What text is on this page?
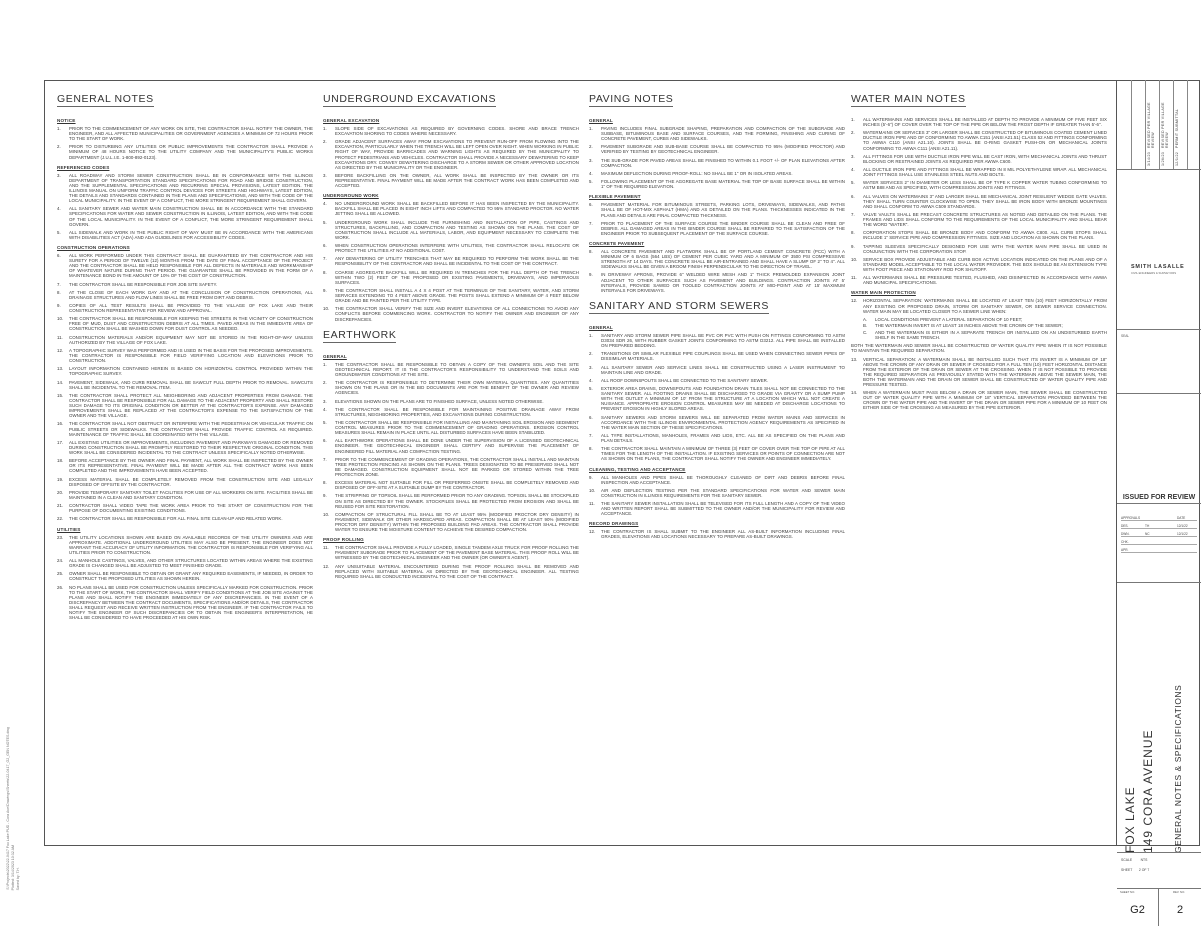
GENERAL NOTES
NOTICE
1.	PRIOR TO THE COMMENCEMENT OF ANY WORK ON SITE, THE CONTRACTOR SHALL NOTIFY THE OWNER, THE ENGINEER, AND ALL AFFECTED MUNICIPALITIES OR GOVERNMENT AGENCIES A MINIMUM OF 72 HOURS PRIOR TO THE START OF WORK.
2.	PRIOR TO DISTURBING ANY UTILITIES OR PUBLIC IMPROVEMENTS THE CONTRACTOR SHALL PROVIDE A MINIMUM OF 48 HOURS NOTICE TO THE UTILITY COMPANY AND THE MUNICIPALITY'S PUBLIC WORKS DEPARTMENT (J.U.L.I.E. 1-800-892-0123).
REFERENCED CODES
3.	ALL ROADWAY AND STORM SEWER CONSTRUCTION SHALL BE IN CONFORMANCE WITH THE ILLINOIS DEPARTMENT OF TRANSPORTATION STANDARD SPECIFICATIONS FOR ROAD AND BRIDGE CONSTRUCTION, AND THE SUPPLEMENTAL SPECIFICATIONS AND RECURRING SPECIAL PROVISIONS, LATEST EDITION. THE ILLINOIS MANUAL ON UNIFORM TRAFFIC CONTROL DEVICES FOR STREETS AND HIGHWAYS, LATEST EDITION, THE DETAILS AND STANDARDS CONTAINED IN THE PLANS AND SPECIFICATIONS, AND WITH THE CODE OF THE LOCAL MUNICIPALITY. IN THE EVENT OF A CONFLICT, THE MORE STRINGENT REQUIREMENT SHALL GOVERN.
4.	ALL SANITARY SEWER AND WATER MAIN CONSTRUCTION SHALL BE IN ACCORDANCE WITH THE STANDARD SPECIFICATIONS FOR WATER AND SEWER CONSTRUCTION IN ILLINOIS, LATEST EDITION, AND WITH THE CODE OF THE LOCAL MUNICIPALITY. IN THE EVENT OF A CONFLICT, THE MORE STRINGENT REQUIREMENT SHALL GOVERN.
5.	ALL SIDEWALK AND WORK IN THE PUBLIC RIGHT OF WAY MUST BE IN ACCORDANCE WITH THE AMERICANS WITH DISABILITIES ACT (ADA) AND ADA GUIDELINES FOR ACCESSIBILITY CODES.
CONSTRUCTION OPERATIONS
6.	ALL WORK PERFORMED UNDER THIS CONTRACT SHALL BE GUARANTEED BY THE CONTRACTOR AND HIS SURETY FOR A PERIOD OF TWELVE (12) MONTHS FROM THE DATE OF FINAL ACCEPTANCE OF THE PROJECT AND THE CONTRACTOR SHALL BE HELD RESPONSIBLE FOR ALL DEFECTS IN MATERIALS AND WORKMANSHIP OF WHATEVER NATURE DURING THAT PERIOD. THE GUARANTEE SHALL BE PROVIDED IN THE FORM OF A MAINTENANCE BOND IN THE AMOUNT OF 10% OF THE COST OF CONSTRUCTION.
7.	THE CONTRACTOR SHALL BE RESPONSIBLE FOR JOB SITE SAFETY.
8.	AT THE CLOSE OF EACH WORK DAY AND AT THE CONCLUSION OF CONSTRUCTION OPERATIONS, ALL DRAINAGE STRUCTURES AND FLOW LINES SHALL BE FREE FROM DIRT AND DEBRIS.
9.	COPIES OF ALL TEST RESULTS SHALL BE PROVIDED TO THE VILLAGE OF FOX LAKE AND THEIR CONSTRUCTION REPRESENTATIVE FOR REVIEW AND APPROVAL.
10.	THE CONTRACTOR SHALL BE RESPONSIBLE FOR KEEPING THE STREETS IN THE VICINITY OF CONSTRUCTION FREE OF MUD, DUST AND CONSTRUCTION DEBRIS AT ALL TIMES. PAVED AREAS IN THE IMMEDIATE AREA OF CONSTRUCTION SHALL BE WASHED DOWN FOR DUST CONTROL AS NEEDED.
11.	CONSTRUCTION MATERIALS AND/OR EQUIPMENT MAY NOT BE STORED IN THE RIGHT-OF-WAY UNLESS AUTHORIZED BY THE VILLAGE OF FOX LAKE.
12.	A TOPOGRAPHIC SURVEY WAS PERFORMED AND IS USED IN THE BASIS FOR THE PROPOSED IMPROVEMENTS. THE CONTRACTOR IS RESPONSIBLE FOR FIELD VERIFYING LOCATION AND ELEVATIONS PRIOR TO CONSTRUCTION.
13.	LAYOUT INFORMATION CONTAINED HEREIN IS BASED ON HORIZONTAL CONTROL PROVIDED WITHIN THE TOPOGRAPHIC SURVEY.
14.	PAVEMENT, SIDEWALK, AND CURB REMOVAL SHALL BE SAWCUT FULL DEPTH PRIOR TO REMOVAL. SAWCUTS SHALL BE INCIDENTAL TO THE REMOVAL ITEM.
15.	THE CONTRACTOR SHALL PROTECT ALL NEIGHBORING AND ADJACENT PROPERTIES FROM DAMAGE. THE CONTRACTOR SHALL BE RESPONSIBLE FOR ALL DAMAGE TO THE ADJACENT PROPERTY AND SHALL RESTORE SUCH DAMAGE TO ITS ORIGINAL CONDITION OR BETTER AT THE CONTRACTOR'S EXPENSE. ANY DAMAGED IMPROVEMENTS SHALL BE REPLACED AT THE CONTRACTOR'S EXPENSE TO THE SATISFACTION OF THE OWNER AND THE VILLAGE.
16.	THE CONTRACTOR SHALL NOT OBSTRUCT OR INTERFERE WITH THE PEDESTRIAN OR VEHICULAR TRAFFIC ON PUBLIC STREETS OR SIDEWALKS. THE CONTRACTOR SHALL PROVIDE TRAFFIC CONTROL AS REQUIRED. MAINTENANCE OF TRAFFIC SHALL BE COORDINATED WITH THE VILLAGE.
17.	ALL EXISTING UTILITIES OR IMPROVEMENTS, INCLUDING PAVEMENT AND PARKWAYS DAMAGED OR REMOVED DURING CONSTRUCTION SHALL BE PROMPTLY RESTORED TO THEIR RESPECTIVE ORIGINAL CONDITION. THIS WORK SHALL BE CONSIDERED INCIDENTAL TO THE CONTRACT UNLESS SPECIFICALLY NOTED OTHERWISE.
18.	BEFORE ACCEPTANCE BY THE OWNER AND FINAL PAYMENT, ALL WORK SHALL BE INSPECTED BY THE OWNER OR ITS REPRESENTATIVE. FINAL PAYMENT WILL BE MADE AFTER ALL THE CONTRACT WORK HAS BEEN COMPLETED AND THE IMPROVEMENTS HAVE BEEN ACCEPTED.
19.	EXCESS MATERIAL SHALL BE COMPLETELY REMOVED FROM THE CONSTRUCTION SITE AND LEGALLY DISPOSED OF OFFSITE BY THE CONTRACTOR.
20.	PROVIDE TEMPORARY SANITARY TOILET FACILITIES FOR USE OF ALL WORKERS ON SITE. FACILITIES SHALL BE MAINTAINED IN A CLEAN AND SANITARY CONDITION.
21.	CONTRACTOR SHALL VIDEO TAPE THE WORK AREA PRIOR TO THE START OF CONSTRUCTION FOR THE PURPOSE OF DOCUMENTING EXISTING CONDITIONS.
22.	THE CONTRACTOR SHALL BE RESPONSIBLE FOR ALL FINAL SITE CLEAN-UP AND RELATED WORK.
UTILITIES
23.	THE UTILITY LOCATIONS SHOWN ARE BASED ON AVAILABLE RECORDS OF THE UTILITY OWNERS AND ARE APPROXIMATE. ADDITIONAL UNDERGROUND UTILITIES MAY ALSO BE PRESENT. THE ENGINEER DOES NOT WARRANT THE ACCURACY OF UTILITY INFORMATION. THE CONTRACTOR IS RESPONSIBLE FOR VERIFYING ALL UTILITIES PRIOR TO CONSTRUCTION.
24.	ALL MANHOLE CASTINGS, VALVES, AND OTHER STRUCTURES LOCATED WITHIN AREAS WHERE THE EXISTING GRADE IS CHANGED SHALL BE ADJUSTED TO MEET FINISHED GRADE.
25.	OWNER SHALL BE RESPONSIBLE TO OBTAIN OR GRANT ANY REQUIRED EASEMENTS, IF NEEDED, IN ORDER TO CONSTRUCT THE PROPOSED UTILITIES AS SHOWN HEREIN.
26.	NO PLANS SHALL BE USED FOR CONSTRUCTION UNLESS SPECIFICALLY MARKED FOR CONSTRUCTION. PRIOR TO THE START OF WORK, THE CONTRACTOR SHALL VERIFY FIELD CONDITIONS AT THE JOB SITE AGAINST THE PLANS AND SHALL NOTIFY THE ENGINEER IMMEDIATELY OF ANY DISCREPANCIES. IN THE EVENT OF A DISCREPANCY BETWEEN THE CONTRACT DOCUMENTS, SPECIFICATIONS AND/OR DETAILS, THE CONTRACTOR SHALL REQUEST AND RECEIVE WRITTEN INSTRUCTION FROM THE ENGINEER. IF THE CONTRACTOR FAILS TO NOTIFY THE ENGINEER OF SUCH DISCREPANCIES OR TO OBTAIN THE ENGINEER'S INTERPRETATION, HE SHALL BE CONSIDERED TO HAVE PROCEEDED AT HIS OWN RISK.
UNDERGROUND EXCAVATIONS
GENERAL EXCAVATION
1.	SLOPE SIDE OF EXCAVATIONS AS REQUIRED BY GOVERNING CODES. SHORE AND BRACE TRENCH EXCAVATION SHORING TO CODES WHERE NECESSARY.
2.	GRADE ADJACENT SURFACES AWAY FROM EXCAVATIONS TO PREVENT RUN-OFF FROM FLOWING INTO THE EXCAVATION, PARTICULARLY WHEN THE TRENCH WILL BE LEFT OPEN OVER NIGHT. WHEN WORKING IN PUBLIC RIGHT OF WAY, PROVIDE BARRICADES AND WARNING LIGHTS AS REQUIRED BY THE MUNICIPALITY TO PROTECT PEDESTRIANS AND VEHICLES. CONTRACTOR SHALL PROVIDE A NECESSARY DEWATERING TO KEEP EXCAVATIONS DRY. CONVEY DEWATERING DISCHARGE TO A STORM SEWER OR OTHER APPROVED LOCATION AS DIRECTED BY THE MUNICIPALITY OR THE ENGINEER.
3.	BEFORE BACKFILLING ON THE OWNER, ALL WORK SHALL BE INSPECTED BY THE OWNER OR ITS REPRESENTATIVE. FINAL PAYMENT WILL BE MADE AFTER THE CONTRACT WORK HAS BEEN COMPLETED AND ACCEPTED.
UNDERGROUND WORK
4.	NO UNDERGROUND WORK SHALL BE BACKFILLED BEFORE IT HAS BEEN INSPECTED BY THE MUNICIPALITY. BACKFILL SHALL BE PLACED IN EIGHT INCH LIFTS AND COMPACTED TO 95% STANDARD PROCTOR. NO WATER JETTING SHALL BE ALLOWED.
5.	UNDERGROUND WORK SHALL INCLUDE THE FURNISHING AND INSTALLATION OF PIPE, CASTINGS AND STRUCTURES, BACKFILLING, AND COMPACTION AND TESTING AS SHOWN ON THE PLANS. THE COST OF CONSTRUCTION SHALL INCLUDE ALL MATERIALS, LABOR, AND EQUIPMENT NECESSARY TO COMPLETE THE WORK.
6.	WHEN CONSTRUCTION OPERATIONS INTERFERE WITH UTILITIES, THE CONTRACTOR SHALL RELOCATE OR PROTECT THE UTILITIES AT NO ADDITIONAL COST.
7.	ANY DEWATERING OF UTILITY TRENCHES THAT MAY BE REQUIRED TO PERFORM THE WORK SHALL BE THE RESPONSIBILITY OF THE CONTRACTOR AND SHALL BE INCIDENTAL TO THE COST OF THE CONTRACT.
8.	COARSE AGGREGATE BACKFILL WILL BE REQUIRED IN TRENCHES FOR THE FULL DEPTH OF THE TRENCH WITHIN TWO (2) FEET OF THE PROPOSED OR EXISTING PAVEMENTS, DRIVEWAYS, AND IMPERVIOUS SURFACES.
9.	THE CONTRACTOR SHALL INSTALL A 4 X 4 POST AT THE TERMINUS OF THE SANITARY, WATER, AND STORM SERVICES EXTENDING TO 4 FEET ABOVE GRADE. THE POSTS SHALL EXTEND A MINIMUM OF 4 FEET BELOW GRADE AND BE PAINTED PER THE UTILITY TYPE.
10.	THE CONTRACTOR SHALL VERIFY THE SIZE AND INVERT ELEVATIONS OF ALL CONNECTIONS TO AVOID ANY CONFLICTS BEFORE COMMENCING WORK. CONTRACTOR TO NOTIFY THE OWNER AND ENGINEER OF ANY DISCREPANCIES.
EARTHWORK
GENERAL
1.	THE CONTRACTOR SHALL BE RESPONSIBLE TO OBTAIN A COPY OF THE OWNER'S SOIL AND THE SITE GEOTECHNICAL REPORT. IT IS THE CONTRACTOR'S RESPONSIBILITY TO UNDERSTAND THE SOILS AND GROUNDWATER CONDITIONS AT THE SITE.
2.	THE CONTRACTOR IS RESPONSIBLE TO DETERMINE THEIR OWN MATERIAL QUANTITIES. ANY QUANTITIES SHOWN ON THE PLANS OR IN THE BID DOCUMENTS ARE FOR THE BENEFIT OF THE OWNER AND REVIEW AGENCIES.
3.	ELEVATIONS SHOWN ON THE PLANS ARE TO FINISHED SURFACE, UNLESS NOTED OTHERWISE.
4.	THE CONTRACTOR SHALL BE RESPONSIBLE FOR MAINTAINING POSITIVE DRAINAGE AWAY FROM STRUCTURES, NEIGHBORING PROPERTIES, AND EXCAVATIONS DURING CONSTRUCTION.
5.	THE CONTRACTOR SHALL BE RESPONSIBLE FOR INSTALLING AND MAINTAINING SOIL EROSION AND SEDIMENT CONTROL MEASURES PRIOR TO THE COMMENCEMENT OF GRADING OPERATIONS. EROSION CONTROL MEASURES SHALL REMAIN IN PLACE UNTIL ALL DISTURBED SURFACES HAVE BEEN STABILIZED.
6.	ALL EARTHWORK OPERATIONS SHALL BE DONE UNDER THE SUPERVISION OF A LICENSED GEOTECHNICAL ENGINEER. THE GEOTECHNICAL ENGINEER SHALL CERTIFY AND SUPERVISE THE PLACEMENT OF ENGINEERED FILL MATERIAL AND COMPACTION TESTING.
7.	PRIOR TO THE COMMENCEMENT OF GRADING OPERATIONS, THE CONTRACTOR SHALL INSTALL AND MAINTAIN TREE PROTECTION FENCING AS SHOWN ON THE PLANS. TREES DESIGNATED TO BE PRESERVED SHALL NOT BE DAMAGED. CONSTRUCTION EQUIPMENT SHALL NOT BE PARKED OR STORED WITHIN THE TREE PROTECTION ZONE.
8.	EXCESS MATERIAL NOT SUITABLE FOR FILL OR PREFERRED ONSITE SHALL BE COMPLETELY REMOVED AND DISPOSED OF OFF-SITE AT A SUITABLE DUMP BY THE CONTRACTOR.
9.	THE STRIPPING OF TOPSOIL SHALL BE PERFORMED PRIOR TO ANY GRADING. TOPSOIL SHALL BE STOCKPILED ON SITE AS DIRECTED BY THE OWNER. STOCKPILES SHALL BE PROTECTED FROM EROSION AND SHALL BE REUSED FOR SITE RESTORATION.
10.	COMPACTION OF STRUCTURAL FILL SHALL BE TO AT LEAST 95% (MODIFIED PROCTOR DRY DENSITY) IN PAVEMENT, SIDEWALK OR OTHER HARDSCAPED AREAS. COMPACTION SHALL BE AT LEAST 90% (MODIFIED PROCTOR DRY DENSITY) WITHIN THE PROPOSED BUILDING PAD AREAS. THE CONTRACTOR SHALL PROVIDE WATER TO ENSURE THE MOISTURE CONTENT TO ACHIEVE THE DESIRED COMPACTION.
PROOF ROLLING
11.	THE CONTRACTOR SHALL PROVIDE A FULLY LOADED, SINGLE TANDEM AXLE TRUCK FOR PROOF ROLLING THE PAVEMENT SUBGRADE PRIOR TO PLACEMENT OF THE PAVEMENT BASE MATERIAL. THIS PROOF ROLL WILL BE WITNESSED BY THE GEOTECHNICAL ENGINEER AND THE OWNER (OR OWNER'S AGENT).
12.	ANY UNSUITABLE MATERIAL ENCOUNTERED DURING THE PROOF ROLLING SHALL BE REMOVED AND REPLACED WITH SUITABLE MATERIAL AS DIRECTED BY THE GEOTECHNICAL ENGINEER. ALL TESTING REQUIRED SHALL BE CONDUCTED INCIDENTAL TO THE COST OF THE CONTRACT.
PAVING NOTES
GENERAL
1.	PAVING INCLUDES FINAL SUBGRADE SHAPING, PREPARATION AND COMPACTION OF THE SUBGRADE AND SUBBASE, BITUMINOUS BASE AND SURFACE COURSES, AND THE FORMING, FINISHING AND CURING OF CONCRETE PAVEMENT, CURBS AND SIDEWALKS.
2.	PAVEMENT SUBGRADE AND SUB-BASE COURSE SHALL BE COMPACTED TO 95% (MODIFIED PROCTOR) AND VERIFIED BY TESTING BY GEOTECHNICAL ENGINEER.
3.	THE SUB-GRADE FOR PAVED AREAS SHALL BE FINISHED TO WITHIN 0.1 FOOT +/- OF PLAN ELEVATIONS AFTER COMPACTION.
4.	MAXIMUM DEFLECTION DURING PROOF-ROLL: NO SHALL BE 1" OR IN ISOLATED AREAS.
5.	FOLLOWING PLACEMENT OF THE AGGREGATE BASE MATERIAL THE TOP OF BASE SURFACE SHALL BE WITHIN 1" OF THE REQUIRED ELEVATION.
FLEXIBLE PAVEMENT
6.	PAVEMENT MATERIAL FOR BITUMINOUS STREETS, PARKING LOTS, DRIVEWAYS, SIDEWALKS, AND PATHS SHALL BE OF HOT-MIX ASPHALT (HMA) AND AS DETAILED ON THE PLANS. THICKNESSES INDICATED IN THE PLANS AND DETAILS ARE FINAL COMPACTED THICKNESS.
7.	PRIOR TO PLACEMENT OF THE SURFACE COURSE THE BINDER COURSE SHALL BE CLEAN AND FREE OF DEBRIS. ALL DAMAGED AREAS IN THE BINDER COURSE SHALL BE REPAIRED TO THE SATISFACTION OF THE ENGINEER PRIOR TO SUBSEQUENT PLACEMENT OF THE SURFACE COURSE.
CONCRETE PAVEMENT
8.	ALL CONCRETE PAVEMENT AND FLATWORK SHALL BE OF PORTLAND CEMENT CONCRETE (PCC) WITH A MINIMUM OF 6 BAGS (564 LBS) OF CEMENT PER CUBIC YARD AND A MINIMUM OF 3500 PSI COMPRESSIVE STRENGTH AT 14 DAYS. THE CONCRETE SHALL BE AIR-ENTRAINED AND SHALL HAVE A SLUMP OF 2" TO 4". ALL SIDEWALKS SHALL BE GIVEN A BROOM FINISH PERPENDICULAR TO THE DIRECTION OF TRAVEL.
9.	IN DRIVEWAY APRONS, PROVIDE 6" WELDED WIRE MESH AND 1" THICK PREMOLDED EXPANSION JOINT ADJACENT TO OTHER SURFACES SUCH AS PAVEMENT AND BUILDINGS. CONTRACTION JOINTS AT 5' INTERVALS, PROVIDE SAWED OR TOOLED CONTRACTION JOINTS AT MID-POINT AND AT 15' MAXIMUM INTERVALS FOR DRIVEWAYS.
SANITARY AND STORM SEWERS
GENERAL
1.	SANITARY AND STORM SEWER PIPE SHALL BE PVC OR PVC WITH PUSH ON FITTINGS CONFORMING TO ASTM D3034 SDR 26, WITH RUBBER GASKET JOINTS CONFORMING TO ASTM D3212. ALL PIPE SHALL BE INSTALLED ON PREPARED BEDDING.
2.	TRANSITIONS OR SIMILAR FLEXIBLE PIPE COUPLINGS SHALL BE USED WHEN CONNECTING SEWER PIPES OF DISSIMILAR MATERIALS.
3.	ALL SANITARY SEWER AND SERVICE LINES SHALL BE CONSTRUCTED USING A LASER INSTRUMENT TO MAINTAIN LINE AND GRADE.
4.	ALL ROOF DOWNSPOUTS SHALL BE CONNECTED TO THE SANITARY SEWER.
5.	EXTERIOR AREA DRAINS, DOWNSPOUTS AND FOUNDATION DRAIN TILES SHALL NOT BE CONNECTED TO THE SANITARY SEWER. ALL FOOTING DRAINS SHALL BE DISCHARGED TO GRADE VIA GRAVITY OR A SUMP PUMP WITH THE OUTLET A MINIMUM OF 10' FROM THE STRUCTURE AT A LOCATION WHICH WILL NOT CREATE A NUISANCE. APPROPRIATE EROSION CONTROL MEASURES MAY BE NEEDED AT DISCHARGE LOCATIONS TO PREVENT EROSION IN HIGHLY SLOPED AREAS.
6.	SANITARY SEWERS AND STORM SEWERS WILL BE SEPARATED FROM WATER MAINS AND SERVICES IN ACCORDANCE WITH THE ILLINOIS ENVIRONMENTAL PROTECTION AGENCY REQUIREMENTS AS SPECIFIED IN THE WATER MAIN SECTION OF THESE SPECIFICATIONS.
7.	ALL TYPE INSTALLATIONS, MANHOLES, FRAMES AND LIDS, ETC. ALL BE AS SPECIFIED ON THE PLANS AND PLAN DETAILS.
8.	THE CONTRACTOR SHALL MAINTAIN A MINIMUM OF THREE (3) FEET OF COVER OVER THE TOP OF PIPE AT ALL TIMES FOR THE LENGTH OF THE INSTALLATION. IF EXISTING SERVICES OR POINTS OF CONNECTION ARE NOT AS SHOWN ON THE PLANS, THE CONTRACTOR SHALL NOTIFY THE OWNER AND ENGINEER IMMEDIATELY.
CLEANING, TESTING AND ACCEPTANCE
9.	ALL MANHOLES AND PIPES SHALL BE THOROUGHLY CLEANED OF DIRT AND DEBRIS BEFORE FINAL INSPECTION AND ACCEPTANCE.
10.	AIR AND DEFLECTION TESTING PER THE STANDARD SPECIFICATIONS FOR WATER AND SEWER MAIN CONSTRUCTION IN ILLINOIS REQUIREMENTS FOR THE SANITARY SEWER.
11.	THE SANITARY SEWER INSTALLATION SHALL BE TELEVISED FOR ITS FULL LENGTH AND A COPY OF THE VIDEO AND WRITTEN REPORT SHALL BE SUBMITTED TO THE OWNER AND/OR THE MUNICIPALITY FOR REVIEW AND ACCEPTANCE.
RECORD DRAWINGS
12.	THE CONTRACTOR IS SHALL SUBMIT TO THE ENGINEER ALL AS-BUILT INFORMATION INCLUDING FINAL GRADES, ELEVATIONS AND LOCATIONS NECESSARY TO PREPARE AS-BUILT DRAWINGS.
WATER MAIN NOTES
1.	ALL WATERMAINS AND SERVICES SHALL BE INSTALLED AT DEPTH TO PROVIDE A MINIMUM OF FIVE FEET SIX INCHES (5'-6") OF COVER OVER THE TOP OF THE PIPE OR BELOW THE FROST DEPTH IF GREATER THAN 5'-6".
2.	WATERMAINS OR SERVICES 3" OR LARGER SHALL BE CONSTRUCTED OF BITUMINOUS COATED CEMENT LINED DUCTILE IRON PIPE AND OF CONFORMING TO AWWA C151 (ANSI A21.51) CLASS 52 AND FITTINGS CONFORMING TO AWWA C110 (ANSI A21.10). JOINTS SHALL BE O-RING GASKET PUSH-ON OR MECHANICAL JOINTS CONFORMING TO AWWA C111 (ANSI A21.11).
3.	ALL FITTINGS FOR USE WITH DUCTILE IRON PIPE WILL BE CAST IRON, WITH MECHANICAL JOINTS AND THRUST BLOCKING OR RESTRAINED JOINTS AS REQUIRED PER AWWA C600.
4.	ALL DUCTILE IRON PIPE AND FITTINGS SHALL BE WRAPPED IN 8 MIL POLYETHYLENE WRAP. ALL MECHANICAL JOINT FITTINGS SHALL USE STAINLESS STEEL NUTS AND BOLTS.
5.	WATER SERVICES 2" IN DIAMETER OR LESS SHALL BE OF TYPE K COPPER WATER TUBING CONFORMING TO ASTM B88 AND AS SPECIFIED, WITH COMPRESSION JOINTS AND FITTINGS.
6.	ALL VALVES ON WATERMAINS 3" AND LARGER SHALL BE MECHANICAL JOINT RESILIENT WEDGE GATE VALVES. THEY SHALL TURN COUNTER CLOCKWISE TO OPEN. THEY SHALL BE IRON BODY WITH BRONZE MOUNTINGS AND SHALL CONFORM TO AWWA C509 STANDARDS.
7.	VALVE VAULTS SHALL BE PRECAST CONCRETE STRUCTURES AS NOTED AND DETAILED ON THE PLANS. THE FRAMES AND LIDS SHALL CONFORM TO THE REQUIREMENTS OF THE LOCAL MUNICIPALITY AND SHALL BEAR THE WORD "WATER".
8.	CORPORATION STOPS SHALL BE BRONZE BODY AND CONFORM TO AWWA C800. ALL CURB STOPS SHALL INCLUDE 1" SERVICE PIPE AND COMPRESSION FITTINGS. SIZE AND LOCATION AS SHOWN ON THE PLANS.
9.	TAPPING SLEEVES SPECIFICALLY DESIGNED FOR USE WITH THE WATER MAIN PIPE SHALL BE USED IN CONJUNCTION WITH THE CORPORATION STOP.
10.	SERVICE BOX PROVIDE ADJUSTABLE AND CURB BOX ACTIVE LOCATION INDICATED ON THE PLANS AND OF A STANDARD MODEL ACCEPTABLE TO THE LOCAL WATER PROVIDER. THE BOX SHOULD BE AN EXTENSION TYPE WITH FOOT PIECE AND STATIONARY ROD FOR SHUTOFF.
11.	ALL WATERMAINS SHALL BE PRESSURE TESTED, FLUSHED, AND DISINFECTED IN ACCORDANCE WITH AWWA AND MUNICIPAL SPECIFICATIONS.
WATER MAIN PROTECTION
12.	HORIZONTAL SEPARATION: WATERMAINS SHALL BE LOCATED AT LEAST TEN (10) FEET HORIZONTALLY FROM ANY EXISTING OR PROPOSED DRAIN, STORM OR SANITARY SEWER, OR SEWER SERVICE CONNECTION. WATER MAIN MAY BE LOCATED CLOSER TO A SEWER LINE WHEN:
A.	LOCAL CONDITIONS PREVENT A LATERAL SEPARATION OF 10 FEET;
B.	THE WATERMAIN INVERT IS AT LEAST 18 INCHES ABOVE THE CROWN OF THE SEWER;
C.	AND THE WATERMAIN IS EITHER IN A SEPARATE TRENCH OR INSTALLED ON AN UNDISTURBED EARTH SHELF IN THE SAME TRENCH.
BOTH THE WATERMAIN AND SEWER SHALL BE CONSTRUCTED OF WATER QUALITY PIPE WHEN IT IS NOT POSSIBLE TO MAINTAIN THE REQUIRED SEPARATION.
13.	VERTICAL SEPARATION: A WATERMAIN SHALL BE INSTALLED SUCH THAT ITS INVERT IS A MINIMUM OF 18" ABOVE THE CROWN OF ANY DRAIN OR SEWER IF CROSSED FOR A FULL TEN (10) FEET HORIZONTAL DISTANCE FROM THE EXTERIOR OF THE DRAIN OR SEWER AT THE CROSSING. WHEN IT IS NOT POSSIBLE TO PROVIDE THE REQUIRED SEPARATION AS PREVIOUSLY STATED WITH THE WATERMAIN ABOVE THE SEWER MAIN, THE BOTH THE WATERMAIN AND THE DRAIN OR SEWER SHALL BE CONSTRUCTED OF WATER QUALITY PIPE AND PRESSURE TESTED.
14.	WHEN A WATERMAIN MUST PASS BELOW A DRAIN OR SEWER MAIN, THE SEWER SHALL BE CONSTRUCTED OUT OF WATER QUALITY PIPE WITH A MINIMUM OF 18" VERTICAL SEPARATION PROVIDED BETWEEN THE CROWN OF THE WATER PIPE AND THE INVERT OF THE DRAIN OR SEWER PIPE FOR A MINIMUM OF 10 FEET ON EITHER SIDE OF THE CROSSING AS MEASURED BY THE PIPE EXTERIOR.
REVISED PER VILLAGE REVIEW REVISED PER VILLAGE REVIEW PERMIT SUBMITTAL
3/14/23	1/26/23	12/1/22
SMITH LASALLE
CIVIL ENGINEERS & SURVEYORS
SEAL
ISSUED FOR REVIEW
APPROVALS	DATE
DES.	TH	12/1/22
DWN.	NC	12/1/22
CHK.
APR.
FOX LAKE 149 CORA AVENUE GENERAL NOTES & SPECIFICATIONS
SCALE NTS
SHEET 2 OF 7
SHEET NO.	REV. NO.
G2	2
S:\Projects\2022\22-0417 Fox Lake PUD - Cora Ave\Drawings\Sheets\22-0417_G2_GEN NOTES.dwg Plotted: 3/14/2023 10:32 AM Saved by: T.H.
